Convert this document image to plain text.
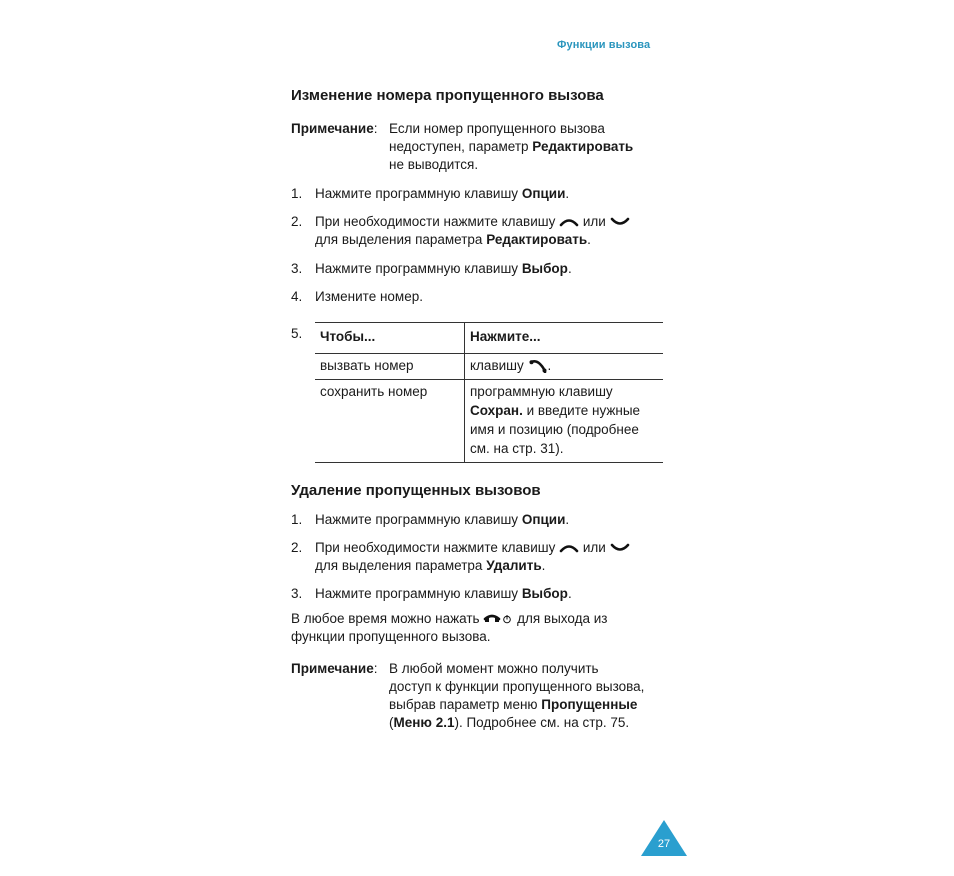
Функции вызова
Изменение номера пропущенного вызова
Примечание: Если номер пропущенного вызова
недоступен, параметр Редактировать
не выводится.
1. Нажмите программную клавишу Опции.
2. При необходимости нажмите клавишу
или
для выделения параметра Редактировать.
3. Нажмите программную клавишу Выбор.
4. Измените номер.
5. Чтобы...	Нажмите...
вызвать номер	клавишу
.
сохранить номер	программную клавишу
Сохран. и введите нужные
имя и позицию (подробнее
см. на стр. 31).
Удаление пропущенных вызовов
1. Нажмите программную клавишу Опции.
2. При необходимости нажмите клавишу
или
для выделения параметра Удалить.
3. Нажмите программную клавишу Выбор.
В любое время можно нажать
для выхода из
функции пропущенного вызова.
Примечание: В любой момент можно получить
доступ к функции пропущенного вызова,
выбрав параметр меню Пропущенные
(Меню 2.1). Подробнее см. на стр. 75.
27
